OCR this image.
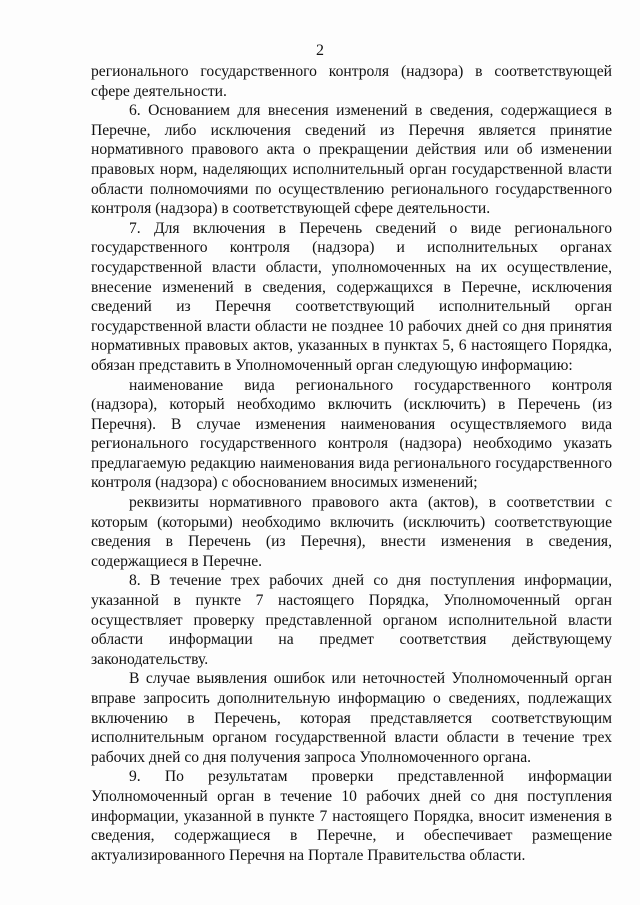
2

регионального государственного контроля (надзора) в соответствующей сфере деятельности.

6. Основанием для внесения изменений в сведения, содержащиеся в Перечне, либо исключения сведений из Перечня является принятие нормативного правового акта о прекращении действия или об изменении правовых норм, наделяющих исполнительный орган государственной власти области полномочиями по осуществлению регионального государственного контроля (надзора) в соответствующей сфере деятельности.

7. Для включения в Перечень сведений о виде регионального государственного контроля (надзора) и исполнительных органах государственной власти области, уполномоченных на их осуществление, внесение изменений в сведения, содержащихся в Перечне, исключения сведений из Перечня соответствующий исполнительный орган государственной власти области не позднее 10 рабочих дней со дня принятия нормативных правовых актов, указанных в пунктах 5, 6 настоящего Порядка, обязан представить в Уполномоченный орган следующую информацию:

наименование вида регионального государственного контроля (надзора), который необходимо включить (исключить) в Перечень (из Перечня). В случае изменения наименования осуществляемого вида регионального государственного контроля (надзора) необходимо указать предлагаемую редакцию наименования вида регионального государственного контроля (надзора) с обоснованием вносимых изменений;

реквизиты нормативного правового акта (актов), в соответствии с которым (которыми) необходимо включить (исключить) соответствующие сведения в Перечень (из Перечня), внести изменения в сведения, содержащиеся в Перечне.

8. В течение трех рабочих дней со дня поступления информации, указанной в пункте 7 настоящего Порядка, Уполномоченный орган осуществляет проверку представленной органом исполнительной власти области информации на предмет соответствия действующему законодательству.

В случае выявления ошибок или неточностей Уполномоченный орган вправе запросить дополнительную информацию о сведениях, подлежащих включению в Перечень, которая представляется соответствующим исполнительным органом государственной власти области в течение трех рабочих дней со дня получения запроса Уполномоченного органа.

9. По результатам проверки представленной информации Уполномоченный орган в течение 10 рабочих дней со дня поступления информации, указанной в пункте 7 настоящего Порядка, вносит изменения в сведения, содержащиеся в Перечне, и обеспечивает размещение актуализированного Перечня на Портале Правительства области.
